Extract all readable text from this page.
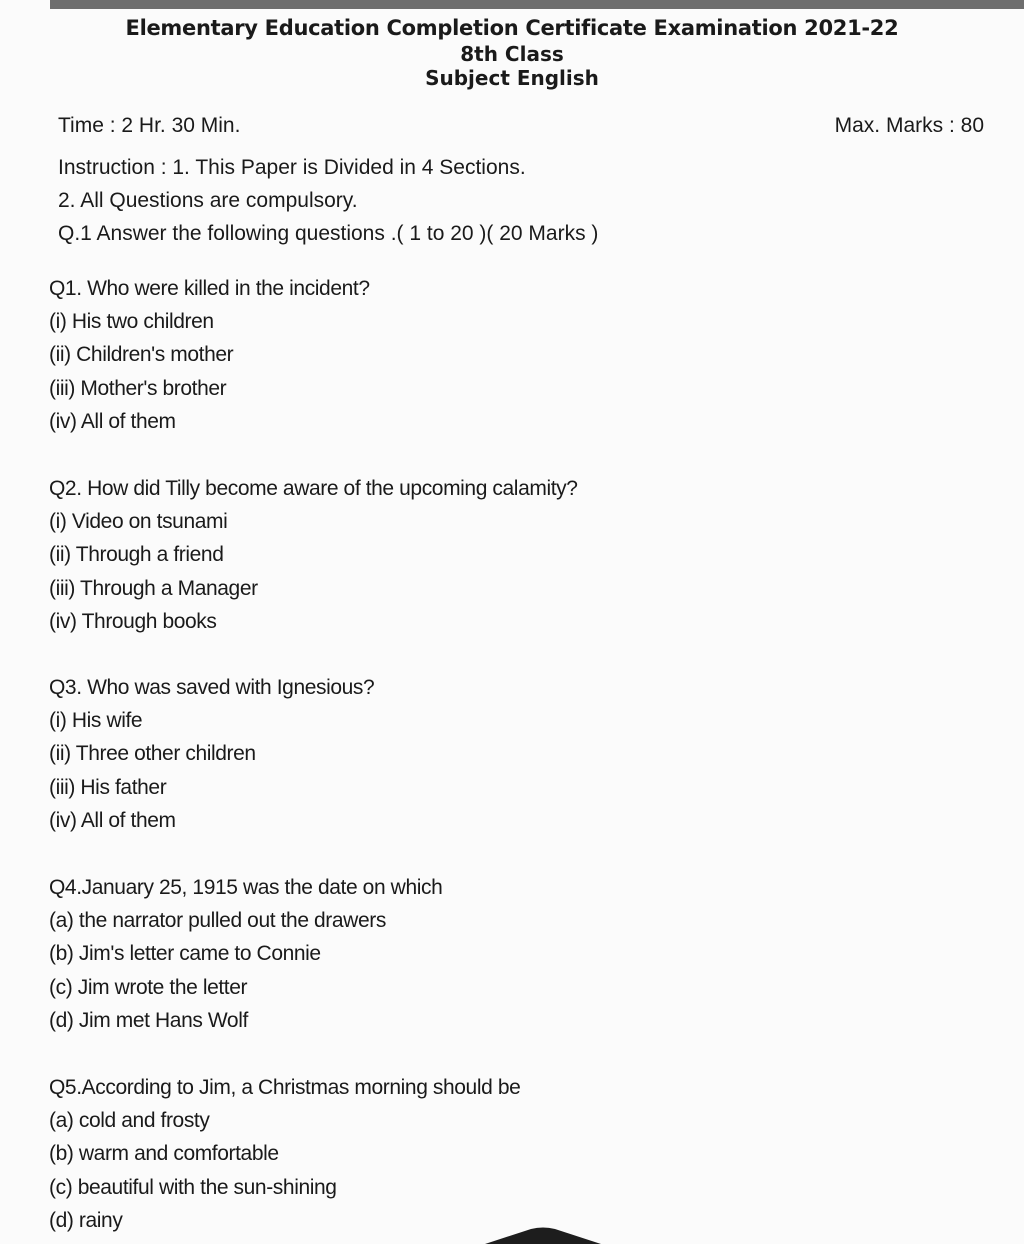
Elementary Education Completion Certificate Examination 2021-22
8th Class
Subject English
Time : 2 Hr. 30 Min.	Max. Marks : 80
Instruction : 1. This Paper is Divided in 4 Sections.
2. All Questions are compulsory.
Q.1 Answer the following questions .( 1 to 20 )( 20 Marks )
Q1. Who were killed in the incident?
(i) His two children
(ii) Children's mother
(iii) Mother's brother
(iv) All of them
Q2. How did Tilly become aware of the upcoming calamity?
(i) Video on tsunami
(ii) Through a friend
(iii) Through a Manager
(iv) Through books
Q3. Who was saved with Ignesious?
(i) His wife
(ii) Three other children
(iii) His father
(iv) All of them
Q4.January 25, 1915 was the date on which
(a) the narrator pulled out the drawers
(b) Jim's letter came to Connie
(c) Jim wrote the letter
(d) Jim met Hans Wolf
Q5.According to Jim, a Christmas morning should be
(a) cold and frosty
(b) warm and comfortable
(c) beautiful with the sun-shining
(d) rainy
